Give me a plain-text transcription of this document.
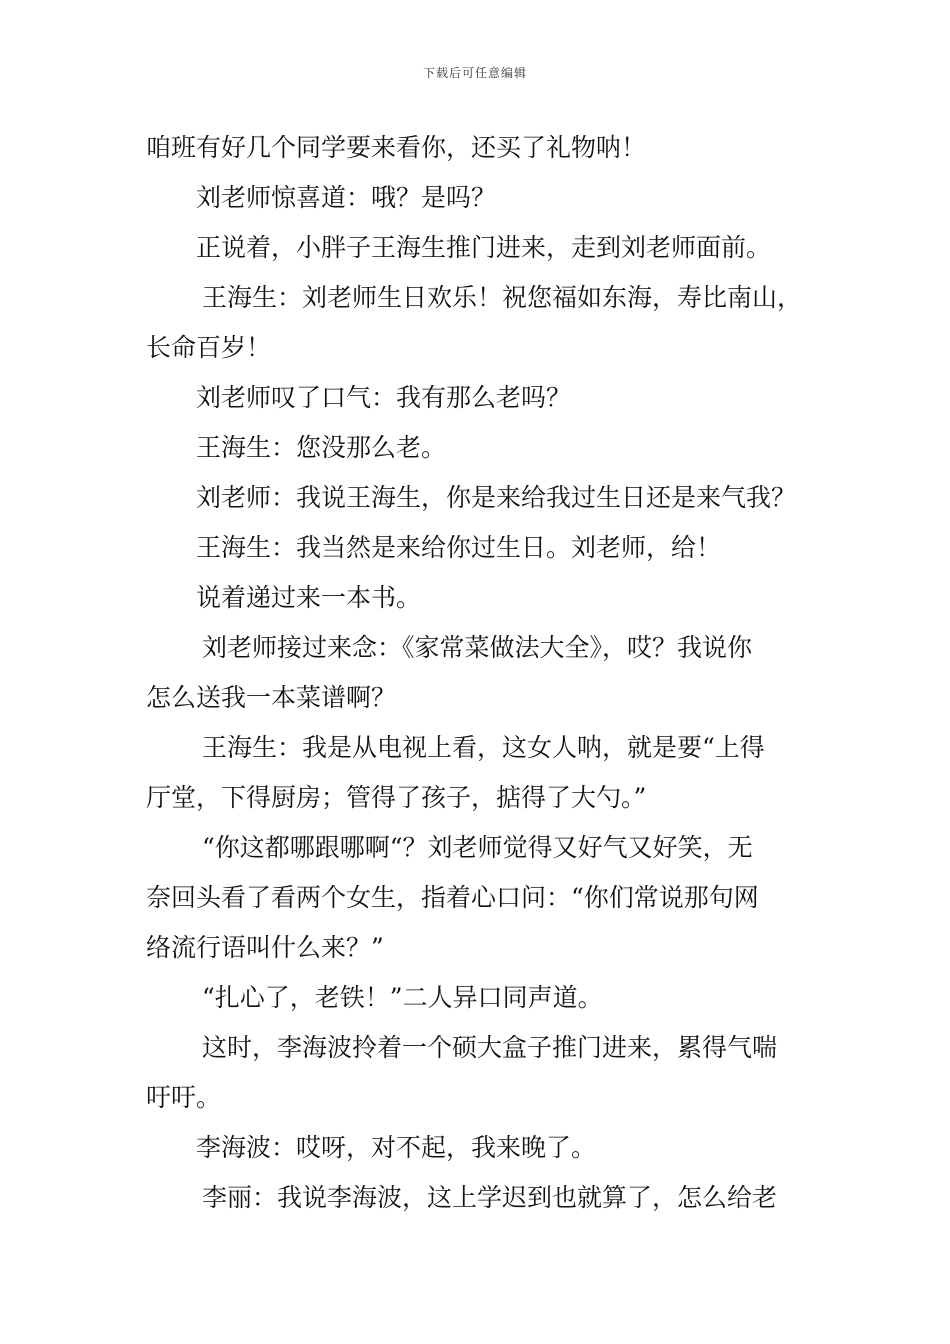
下载后可任意编辑
咱班有好几个同学要来看你，还买了礼物呐！
刘老师惊喜道：哦？是吗？
正说着，小胖子王海生推门进来，走到刘老师面前。
王海生：刘老师生日欢乐！祝您福如东海，寿比南山，
长命百岁！
刘老师叹了口气：我有那么老吗？
王海生：您没那么老。
刘老师：我说王海生，你是来给我过生日还是来气我？
王海生：我当然是来给你过生日。刘老师，给！
说着递过来一本书。
刘老师接过来念：《家常菜做法大全》，哎？我说你
怎么送我一本菜谱啊？
王海生：我是从电视上看，这女人呐，就是要“上得
厅堂，下得厨房；管得了孩子，掂得了大勺。”
“你这都哪跟哪啊“？刘老师觉得又好气又好笑，无
奈回头看了看两个女生，指着心口问：“你们常说那句网
络流行语叫什么来？”
“扎心了，老铁！”二人异口同声道。
这时，李海波拎着一个硕大盒子推门进来，累得气喘
吁吁。
李海波：哎呀，对不起，我来晚了。
李丽：我说李海波，这上学迟到也就算了，怎么给老
